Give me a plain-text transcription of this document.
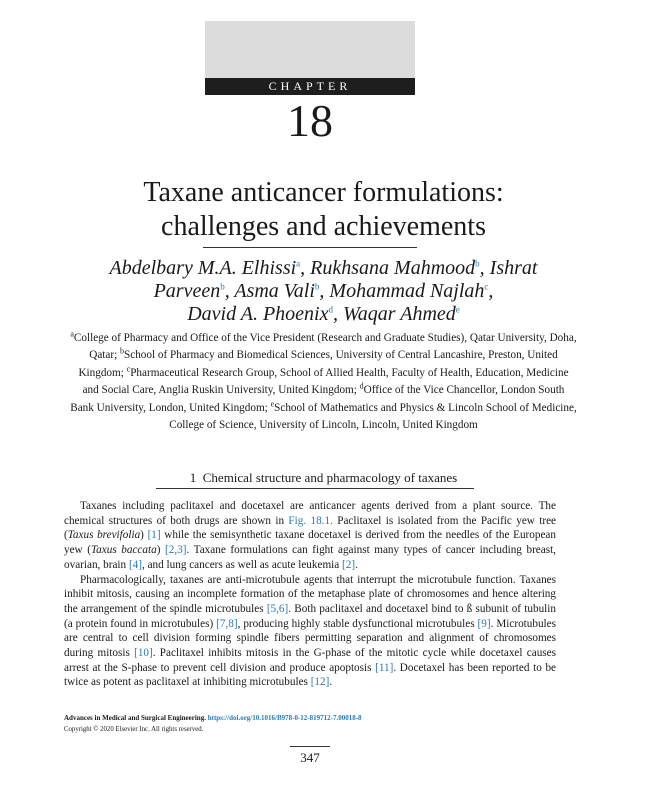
CHAPTER
18
Taxane anticancer formulations:
challenges and achievements
Abdelbary M.A. Elhissi$^a$, Rukhsana Mahmood$^b$, Ishrat
Parveen$^b$, Asma Vali$^b$, Mohammad Najlah$^c$,
David A. Phoenix$^d$, Waqar Ahmed$^e$
$^a$College of Pharmacy and Office of the Vice President (Research and Graduate Studies), Qatar University, Doha, Qatar; $^b$School of Pharmacy and Biomedical Sciences, University of Central Lancashire, Preston, United Kingdom; $^c$Pharmaceutical Research Group, School of Allied Health, Faculty of Health, Education, Medicine and Social Care, Anglia Ruskin University, United Kingdom; $^d$Office of the Vice Chancellor, London South Bank University, London, United Kingdom; $^e$School of Mathematics and Physics & Lincoln School of Medicine, College of Science, University of Lincoln, Lincoln, United Kingdom
1 Chemical structure and pharmacology of taxanes

Taxanes including paclitaxel and docetaxel are anticancer agents derived from a plant source. The chemical structures of both drugs are shown in Fig. 18.1. Paclitaxel is isolated from the Pacific yew tree (Taxus brevifolia) [1] while the semisynthetic taxane docetaxel is derived from the needles of the European yew (Taxus baccata) [2,3]. Taxane formulations can fight against many types of cancer including breast, ovarian, brain [4], and lung cancers as well as acute leukemia [2].

Pharmacologically, taxanes are anti-microtubule agents that interrupt the microtubule function. Taxanes inhibit mitosis, causing an incomplete formation of the metaphase plate of chromosomes and hence altering the arrangement of the spindle microtubules [5,6]. Both paclitaxel and docetaxel bind to ß subunit of tubulin (a protein found in microtubules) [7,8], producing highly stable dysfunctional microtubules [9]. Microtubules are central to cell division forming spindle fibers permitting separation and alignment of chromosomes during mitosis [10]. Paclitaxel inhibits mitosis in the G-phase of the mitotic cycle while docetaxel causes arrest at the S-phase to prevent cell division and produce apoptosis [11]. Docetaxel has been reported to be twice as potent as paclitaxel at inhibiting microtubules [12].

Advances in Medical and Surgical Engineering. https://doi.org/10.1016/B978-0-12-819712-7.00018-8
Copyright © 2020 Elsevier Inc. All rights reserved.
347
